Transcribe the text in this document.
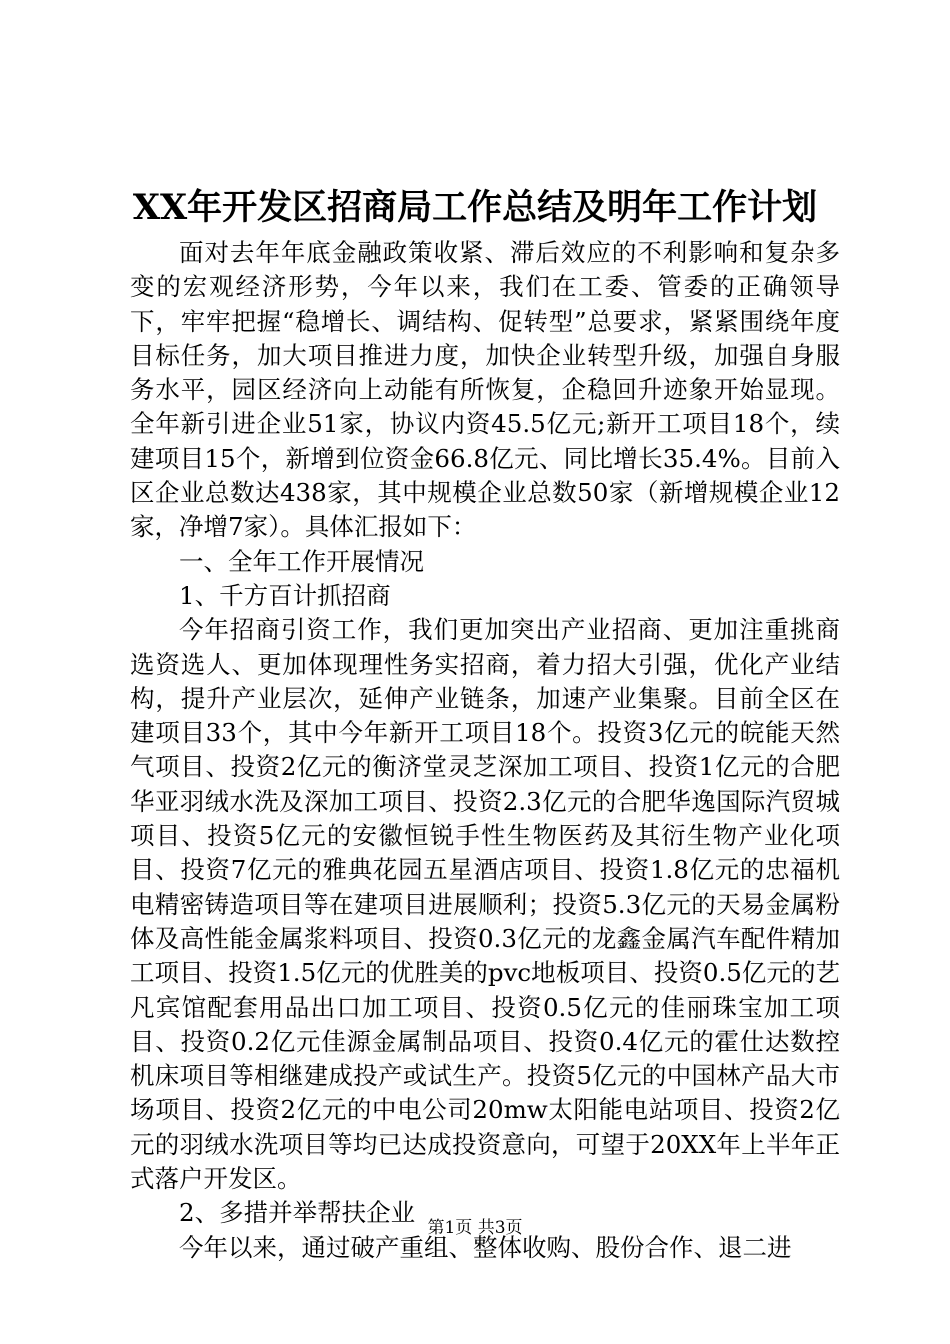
XX年开发区招商局工作总结及明年工作计划

面对去年年底金融政策收紧、滞后效应的不利影响和复杂多变的宏观经济形势，今年以来，我们在工委、管委的正确领导下，牢牢把握“稳增长、调结构、促转型”总要求，紧紧围绕年度目标任务，加大项目推进力度，加快企业转型升级，加强自身服务水平，园区经济向上动能有所恢复，企稳回升迹象开始显现。全年新引进企业51家，协议内资45.5亿元;新开工项目18个，续建项目15个，新增到位资金66.8亿元、同比增长35.4%。目前入区企业总数达438家，其中规模企业总数50家（新增规模企业12家，净增7家）。具体汇报如下：

一、全年工作开展情况

1、千方百计抓招商

今年招商引资工作，我们更加突出产业招商、更加注重挑商选资选人、更加体现理性务实招商，着力招大引强，优化产业结构，提升产业层次，延伸产业链条，加速产业集聚。目前全区在建项目33个，其中今年新开工项目18个。投资3亿元的皖能天然气项目、投资2亿元的衡济堂灵芝深加工项目、投资1亿元的合肥华亚羽绒水洗及深加工项目、投资2.3亿元的合肥华逸国际汽贸城项目、投资5亿元的安徽恒锐手性生物医药及其衍生物产业化项目、投资7亿元的雅典花园五星酒店项目、投资1.8亿元的忠福机电精密铸造项目等在建项目进展顺利；投资5.3亿元的天易金属粉体及高性能金属浆料项目、投资0.3亿元的龙鑫金属汽车配件精加工项目、投资1.5亿元的优胜美的pvc地板项目、投资0.5亿元的艺凡宾馆配套用品出口加工项目、投资0.5亿元的佳丽珠宝加工项目、投资0.2亿元佳源金属制品项目、投资0.4亿元的霍仕达数控机床项目等相继建成投产或试生产。投资5亿元的中国林产品大市场项目、投资2亿元的中电公司20mw太阳能电站项目、投资2亿元的羽绒水洗项目等均已达成投资意向，可望于20XX年上半年正式落户开发区。

2、多措并举帮扶企业

今年以来，通过破产重组、整体收购、股份合作、退二进

第1页 共3页
